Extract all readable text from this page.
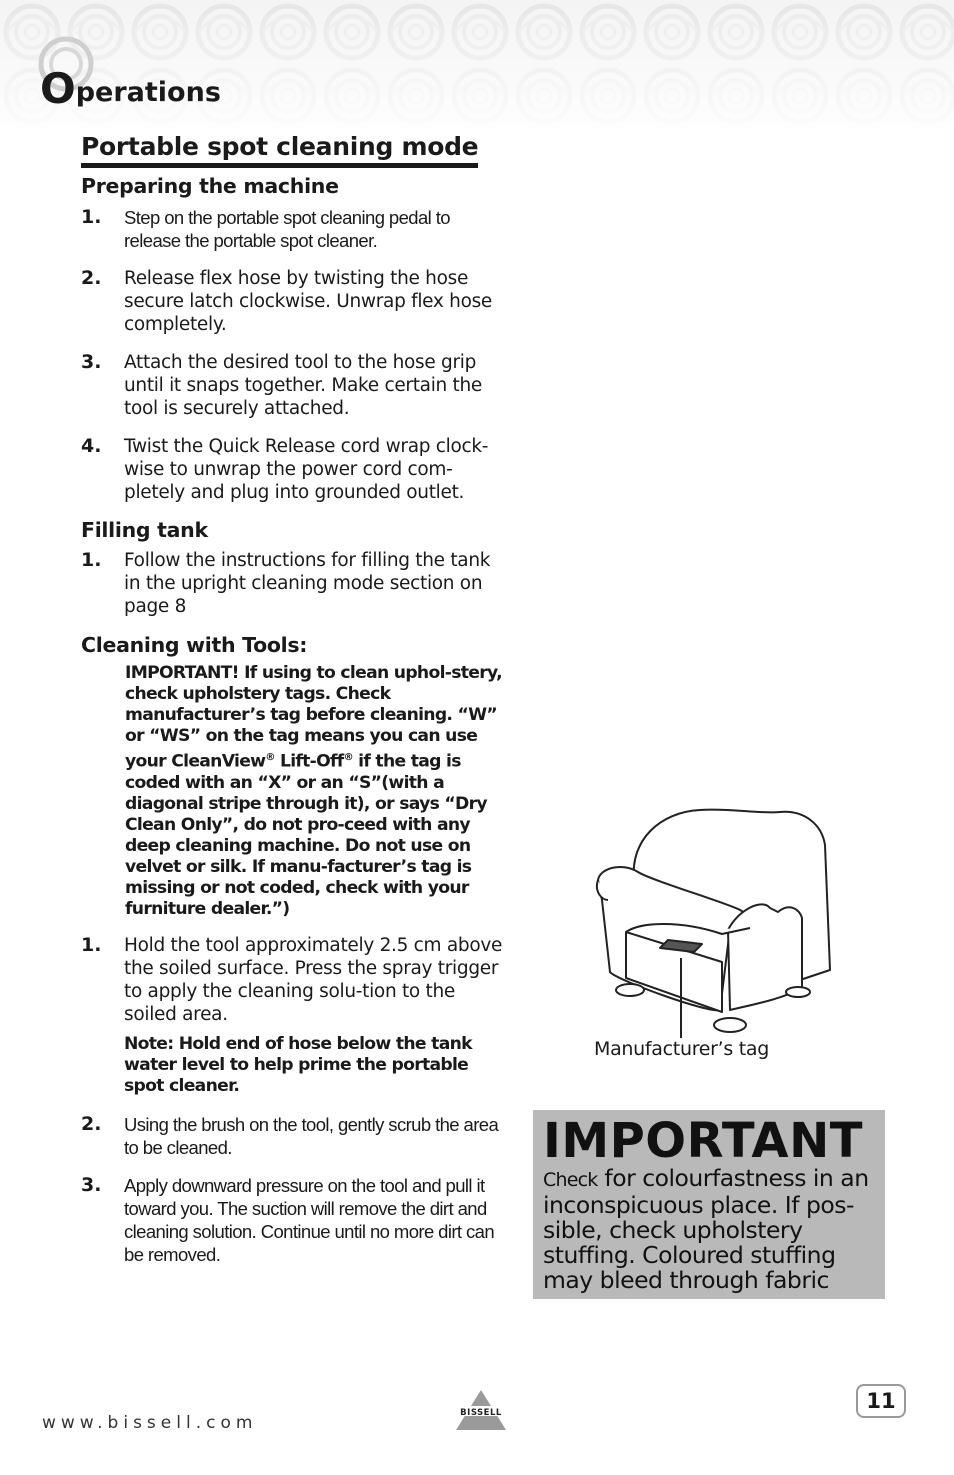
O perations
Portable spot cleaning mode
Preparing the machine
1.	Step on the portable spot cleaning pedal to release the portable spot cleaner.
2.	Release flex hose by twisting the hose secure latch clockwise. Unwrap flex hose completely.
3.	Attach the desired tool to the hose grip until it snaps together. Make certain the tool is securely attached.
4.	Twist the Quick Release cord wrap clock-wise to unwrap the power cord com-pletely and plug into grounded outlet.
Filling tank
1.	Follow the instructions for filling the tank in the upright cleaning mode section on page 8
Cleaning with Tools:
IMPORTANT! If using to clean uphol-stery, check upholstery tags. Check manufacturer’s tag before cleaning. “W” or “WS” on the tag means you can use your CleanView® Lift-Off® if the tag is coded with an “X” or an “S”(with a diagonal stripe through it), or says “Dry Clean Only”, do not pro-ceed with any deep cleaning machine. Do not use on velvet or silk. If manu-facturer’s tag is missing or not coded, check with your furniture dealer.”)
1.	Hold the tool approximately 2.5 cm above the soiled surface. Press the spray trigger to apply the cleaning solu-tion to the soiled area.
Note: Hold end of hose below the tank water level to help prime the portable spot cleaner.
2.	Using the brush on the tool, gently scrub the area to be cleaned.
3.	Apply downward pressure on the tool and pull it toward you. The suction will remove the dirt and cleaning solution. Continue until no more dirt can be removed.
Manufacturer’s tag
IMPORTANT
Check for colourfastness in an inconspicuous place. If pos-sible, check upholstery stuffing. Coloured stuffing may bleed through fabric
www.bissell.com	BISSELL	11
